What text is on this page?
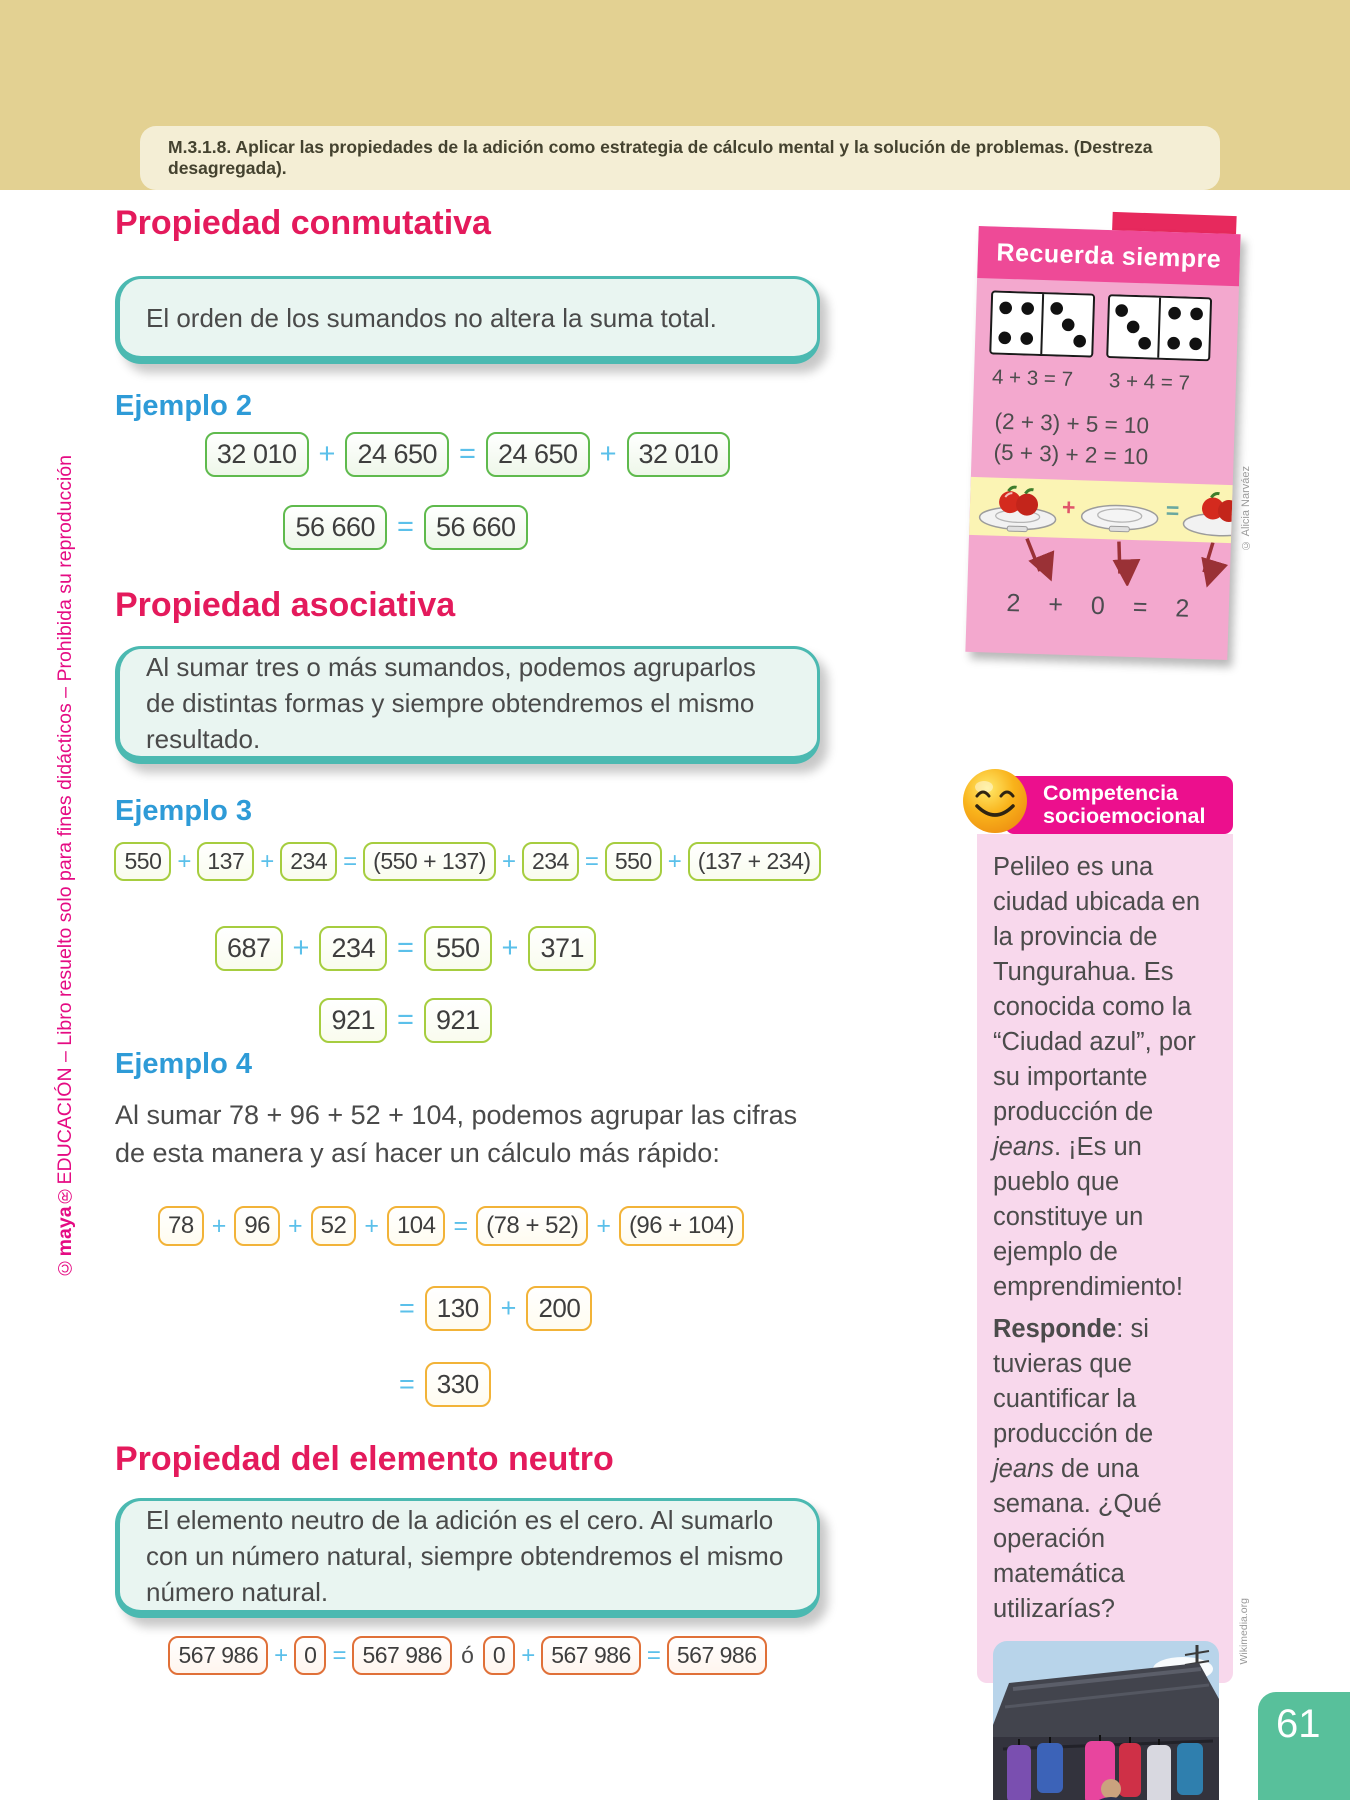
M.3.1.8. Aplicar las propiedades de la adición como estrategia de cálculo mental y la solución de problemas. (Destreza desagregada).
©maya®EDUCACIÓN – Libro resuelto solo para fines didácticos – Prohibida su reproducción
Propiedad conmutativa
El orden de los sumandos no altera la suma total.
Ejemplo 2
32 010 + 24 650 = 24 650 + 32 010
56 660 = 56 660
Propiedad asociativa
Al sumar tres o más sumandos, podemos agruparlos de distintas formas y siempre obtendremos el mismo resultado.
Ejemplo 3
550 + 137 + 234 = (550 + 137) + 234 = 550 + (137 + 234)
687 + 234 = 550 + 371
921 = 921
Ejemplo 4
Al sumar 78 + 96 + 52 + 104, podemos agrupar las cifras de esta manera y así hacer un cálculo más rápido:
78 + 96 + 52 + 104 = (78 + 52) + (96 + 104)
= 130 + 200
= 330
Propiedad del elemento neutro
El elemento neutro de la adición es el cero. Al sumarlo con un número natural, siempre obtendremos el mismo número natural.
567 986 + 0 = 567 986 ó 0 + 567 986 = 567 986
Recuerda siempre
4 + 3 = 7	3 + 4 = 7
(2 + 3) + 5 = 10
(5 + 3) + 2 = 10
+	=
2 + 0 = 2
© Alicia Narváez
Competencia
socioemocional

Pelileo es una ciudad ubicada en la provincia de Tungurahua. Es conocida como la “Ciudad azul”, por su importante producción de jeans. ¡Es un pueblo que constituye un ejemplo de emprendimiento!

Responde: si tuvieras que cuantificar la producción de jeans de una semana. ¿Qué operación matemática utilizarías?	Wikimedia.org
61
